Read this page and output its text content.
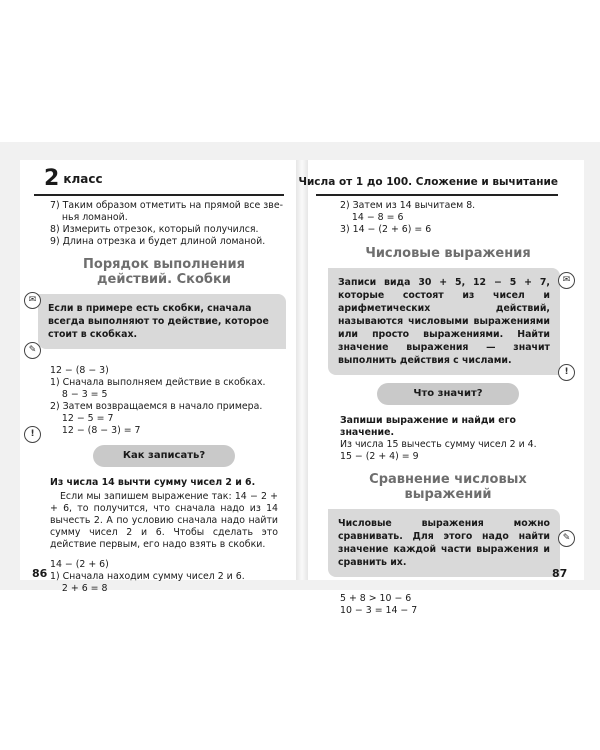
2 класс	Числа от 1 до 100. Сложение и вычитание
7) Таким образом отметить на прямой все зве-
нья ломаной.
8) Измерить отрезок, который получился.
9) Длина отрезка и будет длиной ломаной.
Порядок выполнения действий. Скобки
Если в примере есть скобки, сначала всегда выполняют то действие, которое стоит в скобках.
12 − (8 − 3)
1) Сначала выполняем действие в скобках.
8 − 3 = 5
2) Затем возвращаемся в начало примера.
12 − 5 = 7
12 − (8 − 3) = 7
Как записать?
Из числа 14 вычти сумму чисел 2 и 6.
Если мы запишем выражение так: 14 − 2 + + 6, то получится, что сначала надо из 14 вычесть 2. А по условию сначала надо найти сумму чисел 2 и 6. Чтобы сделать это действие первым, его надо взять в скобки.
14 − (2 + 6)
1) Сначала находим сумму чисел 2 и 6.
2 + 6 = 8
2) Затем из 14 вычитаем 8.
14 − 8 = 6
3) 14 − (2 + 6) = 6
Числовые выражения
Записи вида 30 + 5, 12 − 5 + 7, которые состоят из чисел и арифметических действий, называются числовыми выражениями или просто выражениями. Найти значение выражения — значит выполнить действия с числами.
Что значит?
Запиши выражение и найди его значение.
Из числа 15 вычесть сумму чисел 2 и 4.
15 − (2 + 4) = 9
Сравнение числовых выражений
Числовые выражения можно сравнивать. Для этого надо найти значение каждой части выражения и сравнить их.
5 + 8 > 10 − 6
10 − 3 = 14 − 7
✉
✎
!
✉
!
✎
86	87
